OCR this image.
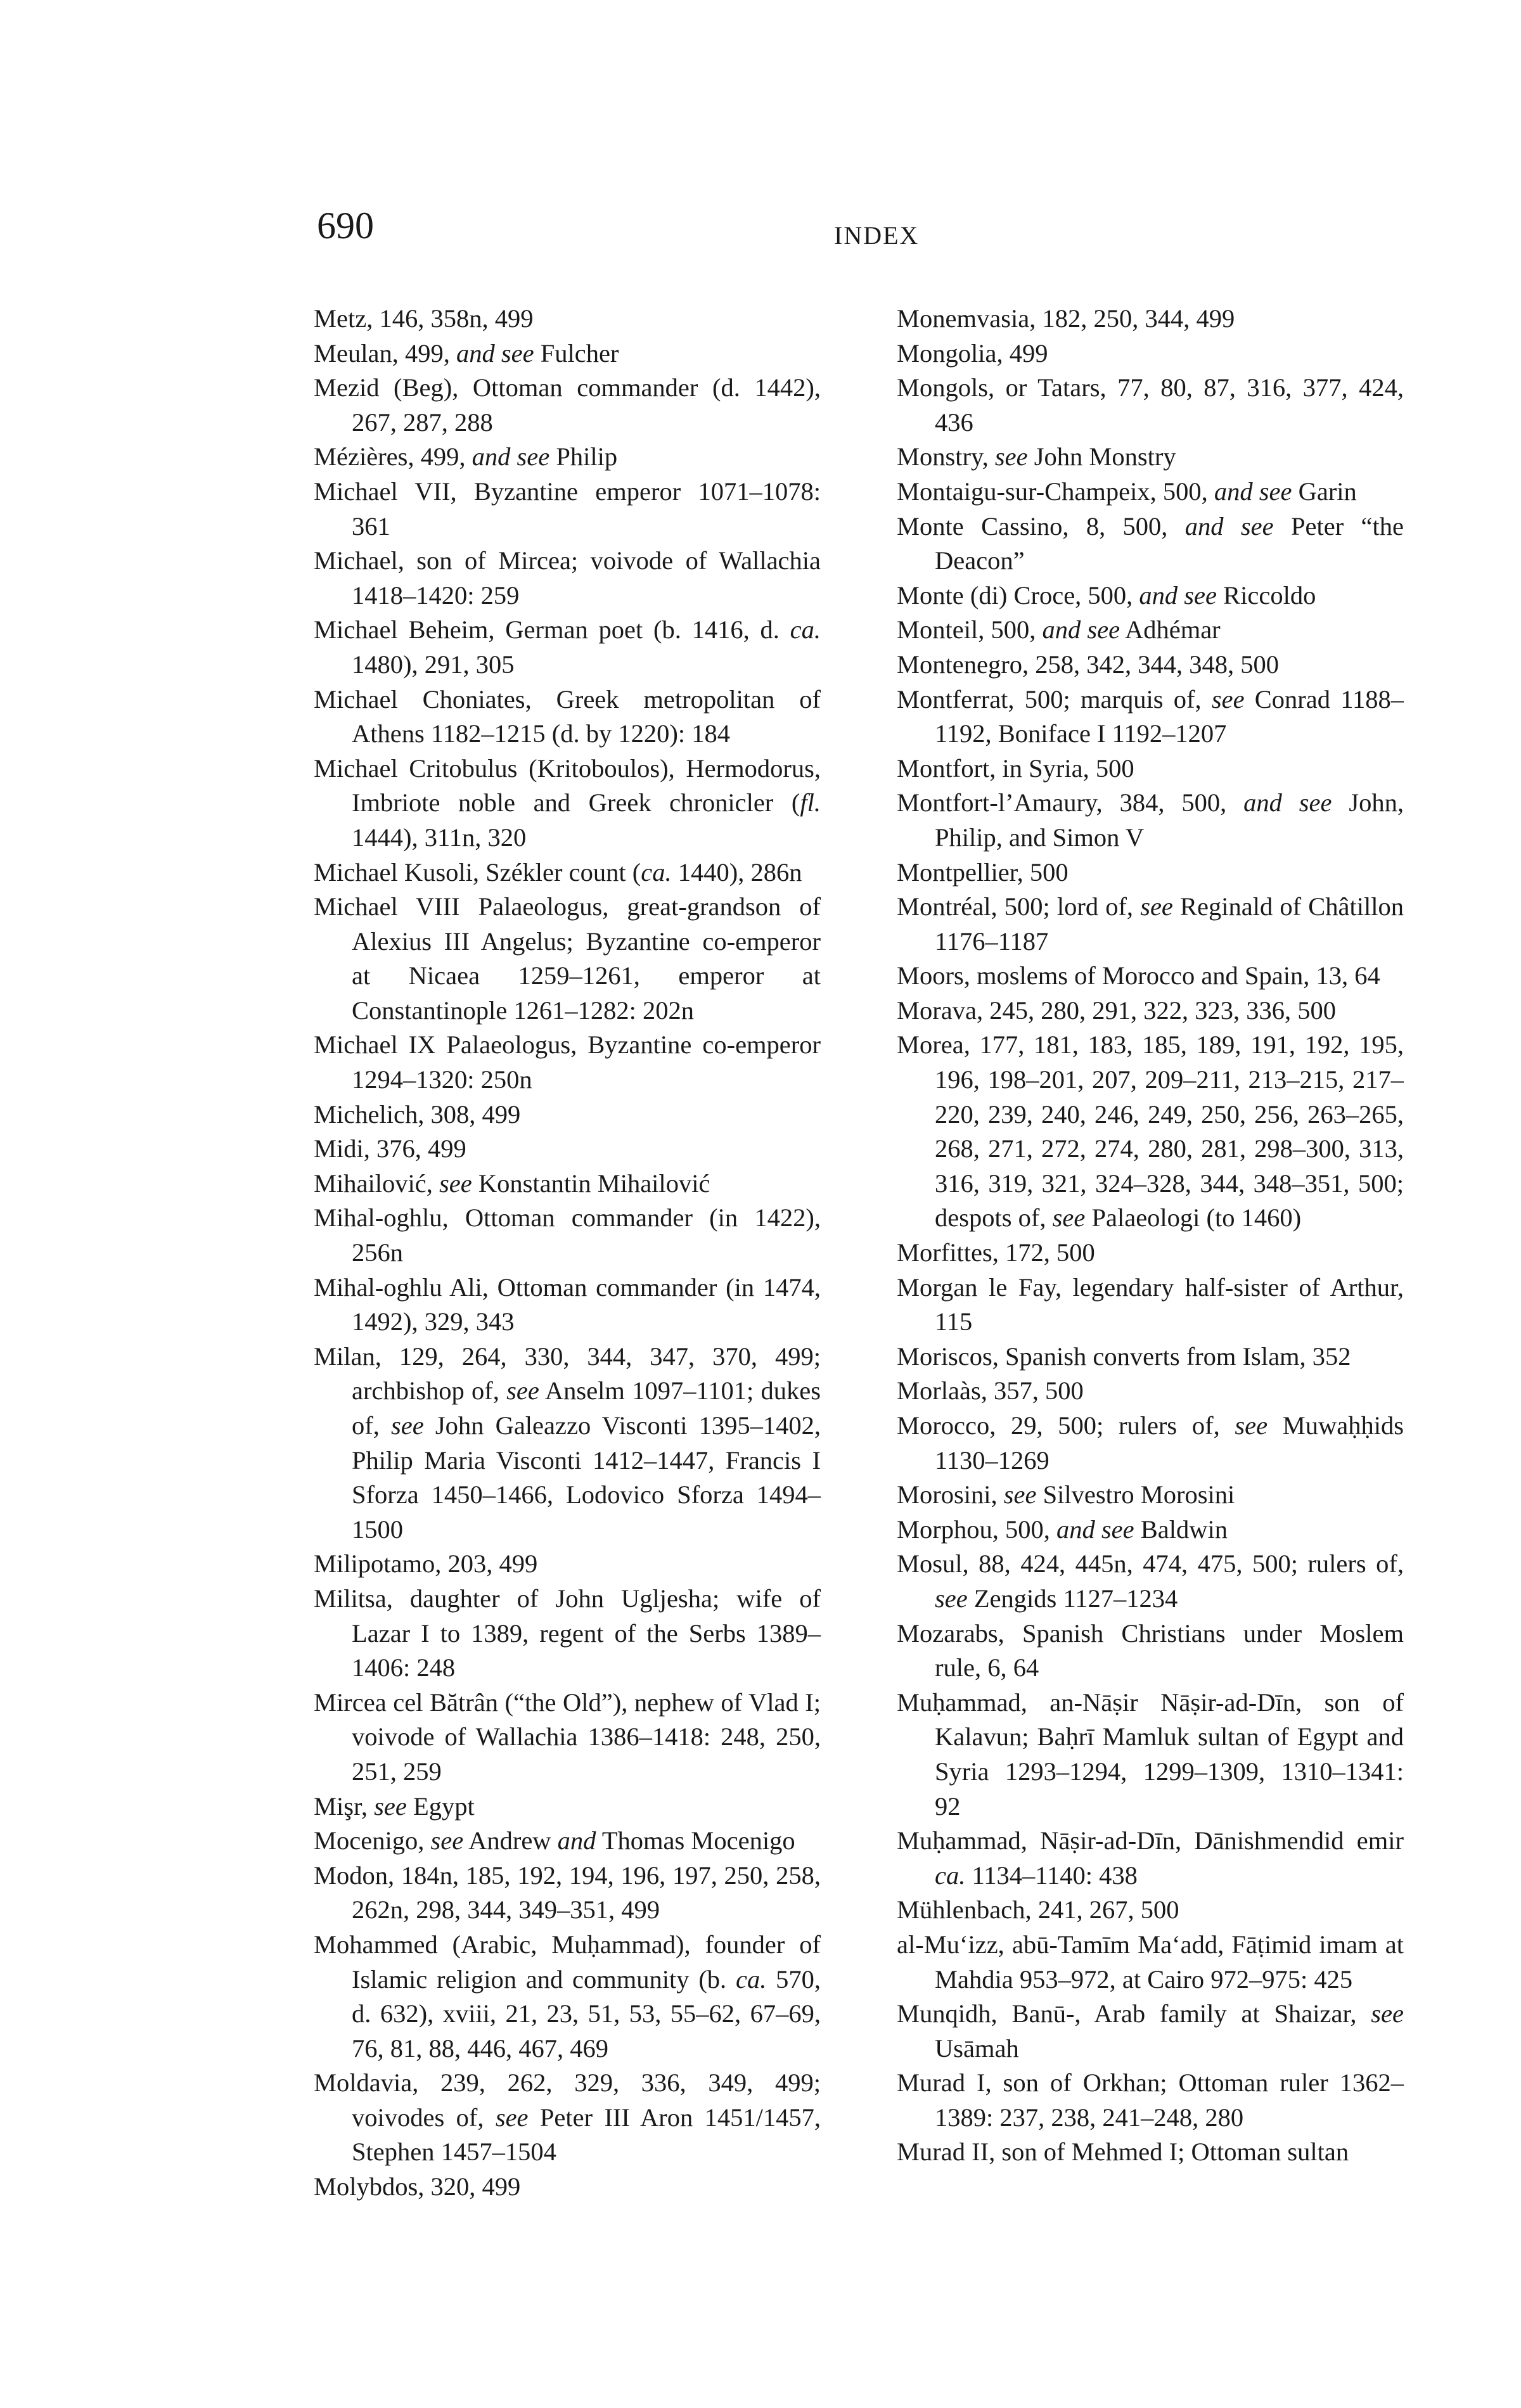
690	INDEX

Metz, 146, 358n, 499

Meulan, 499, and see Fulcher

Mezid (Beg), Ottoman commander (d. 1442), 267, 287, 288

Mézières, 499, and see Philip

Michael VII, Byzantine emperor 1071–1078: 361

Michael, son of Mircea; voivode of Wallachia 1418–1420: 259

Michael Beheim, German poet (b. 1416, d. ca. 1480), 291, 305

Michael Choniates, Greek metropolitan of Athens 1182–1215 (d. by 1220): 184

Michael Critobulus (Kritoboulos), Hermodorus, Imbriote noble and Greek chronicler (fl. 1444), 311n, 320

Michael Kusoli, Székler count (ca. 1440), 286n

Michael VIII Palaeologus, great-grandson of Alexius III Angelus; Byzantine co-emperor at Nicaea 1259–1261, emperor at Constantinople 1261–1282: 202n

Michael IX Palaeologus, Byzantine co-emperor 1294–1320: 250n

Michelich, 308, 499

Midi, 376, 499

Mihailović, see Konstantin Mihailović

Mihal-oghlu, Ottoman commander (in 1422), 256n

Mihal-oghlu Ali, Ottoman commander (in 1474, 1492), 329, 343

Milan, 129, 264, 330, 344, 347, 370, 499; archbishop of, see Anselm 1097–1101; dukes of, see John Galeazzo Visconti 1395–1402, Philip Maria Visconti 1412–1447, Francis I Sforza 1450–1466, Lodovico Sforza 1494–1500

Milipotamo, 203, 499

Militsa, daughter of John Ugljesha; wife of Lazar I to 1389, regent of the Serbs 1389–1406: 248

Mircea cel Bătrân (“the Old”), nephew of Vlad I; voivode of Wallachia 1386–1418: 248, 250, 251, 259

Mişr, see Egypt

Mocenigo, see Andrew and Thomas Mocenigo

Modon, 184n, 185, 192, 194, 196, 197, 250, 258, 262n, 298, 344, 349–351, 499

Mohammed (Arabic, Muḥammad), founder of Islamic religion and community (b. ca. 570, d. 632), xviii, 21, 23, 51, 53, 55–62, 67–69, 76, 81, 88, 446, 467, 469

Moldavia, 239, 262, 329, 336, 349, 499; voivodes of, see Peter III Aron 1451/1457, Stephen 1457–1504

Molybdos, 320, 499

Monemvasia, 182, 250, 344, 499

Mongolia, 499

Mongols, or Tatars, 77, 80, 87, 316, 377, 424, 436

Monstry, see John Monstry

Montaigu-sur-Champeix, 500, and see Garin

Monte Cassino, 8, 500, and see Peter “the Deacon”

Monte (di) Croce, 500, and see Riccoldo

Monteil, 500, and see Adhémar

Montenegro, 258, 342, 344, 348, 500

Montferrat, 500; marquis of, see Conrad 1188–1192, Boniface I 1192–1207

Montfort, in Syria, 500

Montfort-l’Amaury, 384, 500, and see John, Philip, and Simon V

Montpellier, 500

Montréal, 500; lord of, see Reginald of Châtillon 1176–1187

Moors, moslems of Morocco and Spain, 13, 64

Morava, 245, 280, 291, 322, 323, 336, 500

Morea, 177, 181, 183, 185, 189, 191, 192, 195, 196, 198–201, 207, 209–211, 213–215, 217–220, 239, 240, 246, 249, 250, 256, 263–265, 268, 271, 272, 274, 280, 281, 298–300, 313, 316, 319, 321, 324–328, 344, 348–351, 500; despots of, see Palaeologi (to 1460)

Morfittes, 172, 500

Morgan le Fay, legendary half-sister of Arthur, 115

Moriscos, Spanish converts from Islam, 352

Morlaàs, 357, 500

Morocco, 29, 500; rulers of, see Muwaḥḥids 1130–1269

Morosini, see Silvestro Morosini

Morphou, 500, and see Baldwin

Mosul, 88, 424, 445n, 474, 475, 500; rulers of, see Zengids 1127–1234

Mozarabs, Spanish Christians under Moslem rule, 6, 64

Muḥammad, an-Nāṣir Nāṣir-ad-Dīn, son of Kalavun; Baḥrī Mamluk sultan of Egypt and Syria 1293–1294, 1299–1309, 1310–1341: 92

Muḥammad, Nāṣir-ad-Dīn, Dānishmendid emir ca. 1134–1140: 438

Mühlenbach, 241, 267, 500

al-Mu‘izz, abū-Tamīm Ma‘add, Fāṭimid imam at Mahdia 953–972, at Cairo 972–975: 425

Munqidh, Banū-, Arab family at Shaizar, see Usāmah

Murad I, son of Orkhan; Ottoman ruler 1362–1389: 237, 238, 241–248, 280

Murad II, son of Mehmed I; Ottoman sultan
